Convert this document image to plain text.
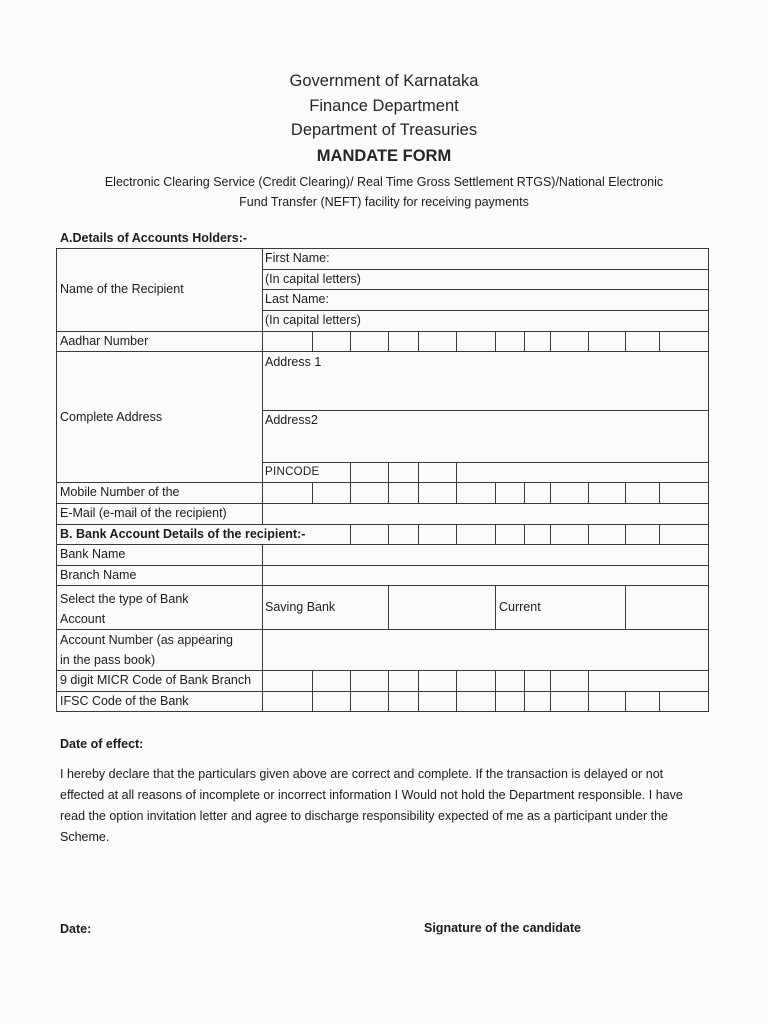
Government of Karnataka
Finance Department
Department of Treasuries
MANDATE FORM
Electronic Clearing Service (Credit Clearing)/ Real Time Gross Settlement RTGS)/National Electronic
Fund Transfer (NEFT) facility for receiving payments
A.Details of Accounts Holders:-
Name of the Recipient
First Name:
(In capital letters)
Last Name:
(In capital letters)
Aadhar Number
Complete Address
Address 1
Address2
PINCODE
Mobile Number of the
E-Mail (e-mail of the recipient)
B. Bank Account Details of the recipient:-
Bank Name
Branch Name
Select the type of Bank
Account
Saving Bank	Current
Account Number (as appearing
in the pass book)
9 digit MICR Code of Bank Branch
IFSC Code of the Bank
Date of effect:
I hereby declare that the particulars given above are correct and complete. If the transaction is delayed or not effected at all reasons of incomplete or incorrect information I Would not hold the Department responsible. I have read the option invitation letter and agree to discharge responsibility expected of me as a participant under the Scheme.
Date:	Signature of the candidate
